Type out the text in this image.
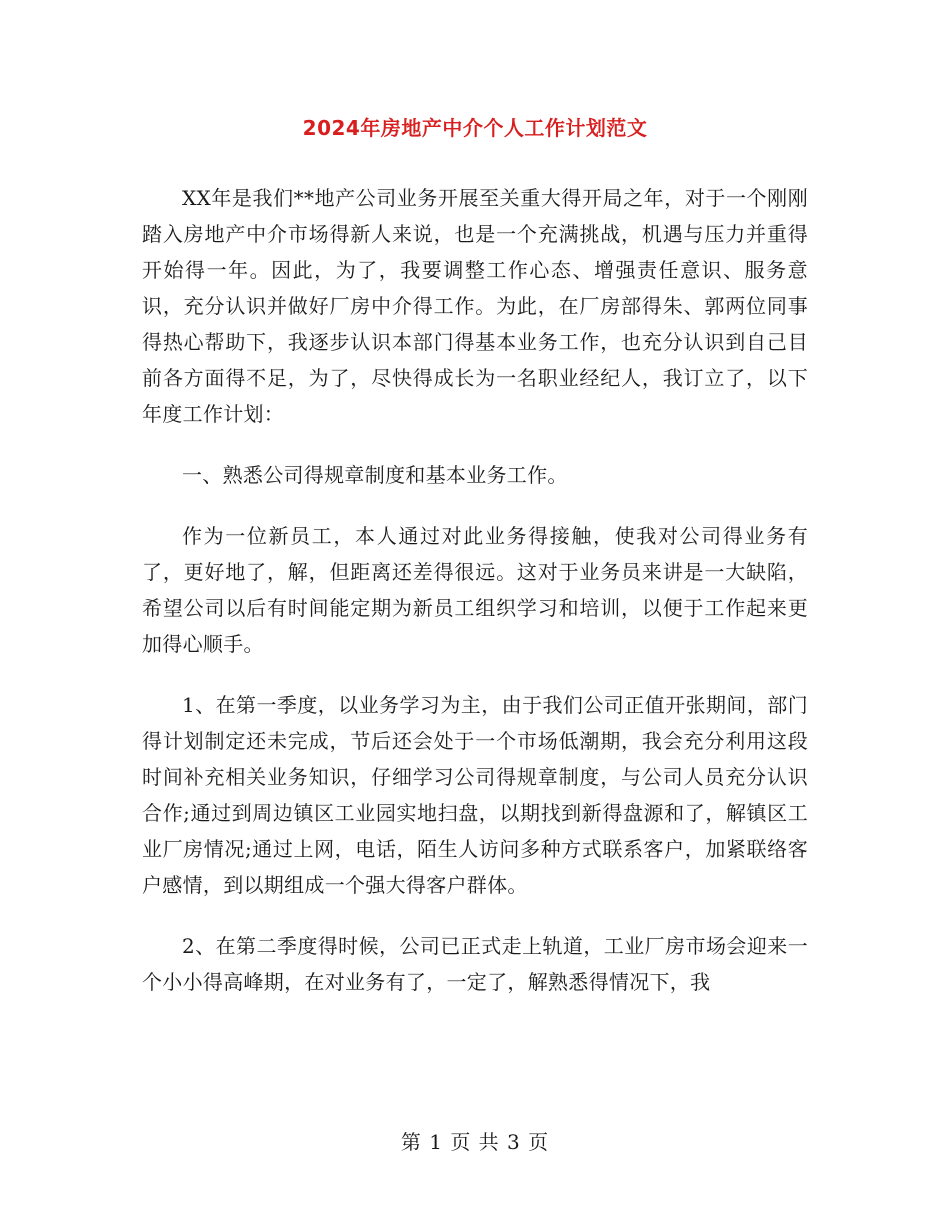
2024年房地产中介个人工作计划范文

XX年是我们**地产公司业务开展至关重大得开局之年，对于一个刚刚踏入房地产中介市场得新人来说，也是一个充满挑战，机遇与压力并重得开始得一年。因此，为了，我要调整工作心态、增强责任意识、服务意识，充分认识并做好厂房中介得工作。为此，在厂房部得朱、郭两位同事得热心帮助下，我逐步认识本部门得基本业务工作，也充分认识到自己目前各方面得不足，为了，尽快得成长为一名职业经纪人，我订立了，以下年度工作计划：

一、熟悉公司得规章制度和基本业务工作。

作为一位新员工，本人通过对此业务得接触，使我对公司得业务有了，更好地了，解，但距离还差得很远。这对于业务员来讲是一大缺陷，希望公司以后有时间能定期为新员工组织学习和培训，以便于工作起来更加得心顺手。

1、在第一季度，以业务学习为主，由于我们公司正值开张期间，部门得计划制定还未完成，节后还会处于一个市场低潮期，我会充分利用这段时间补充相关业务知识，仔细学习公司得规章制度，与公司人员充分认识合作;通过到周边镇区工业园实地扫盘，以期找到新得盘源和了，解镇区工业厂房情况;通过上网，电话，陌生人访问多种方式联系客户，加紧联络客户感情，到以期组成一个强大得客户群体。

2、在第二季度得时候，公司已正式走上轨道，工业厂房市场会迎来一个小小得高峰期，在对业务有了，一定了，解熟悉得情况下，我

第 1 页 共 3 页
